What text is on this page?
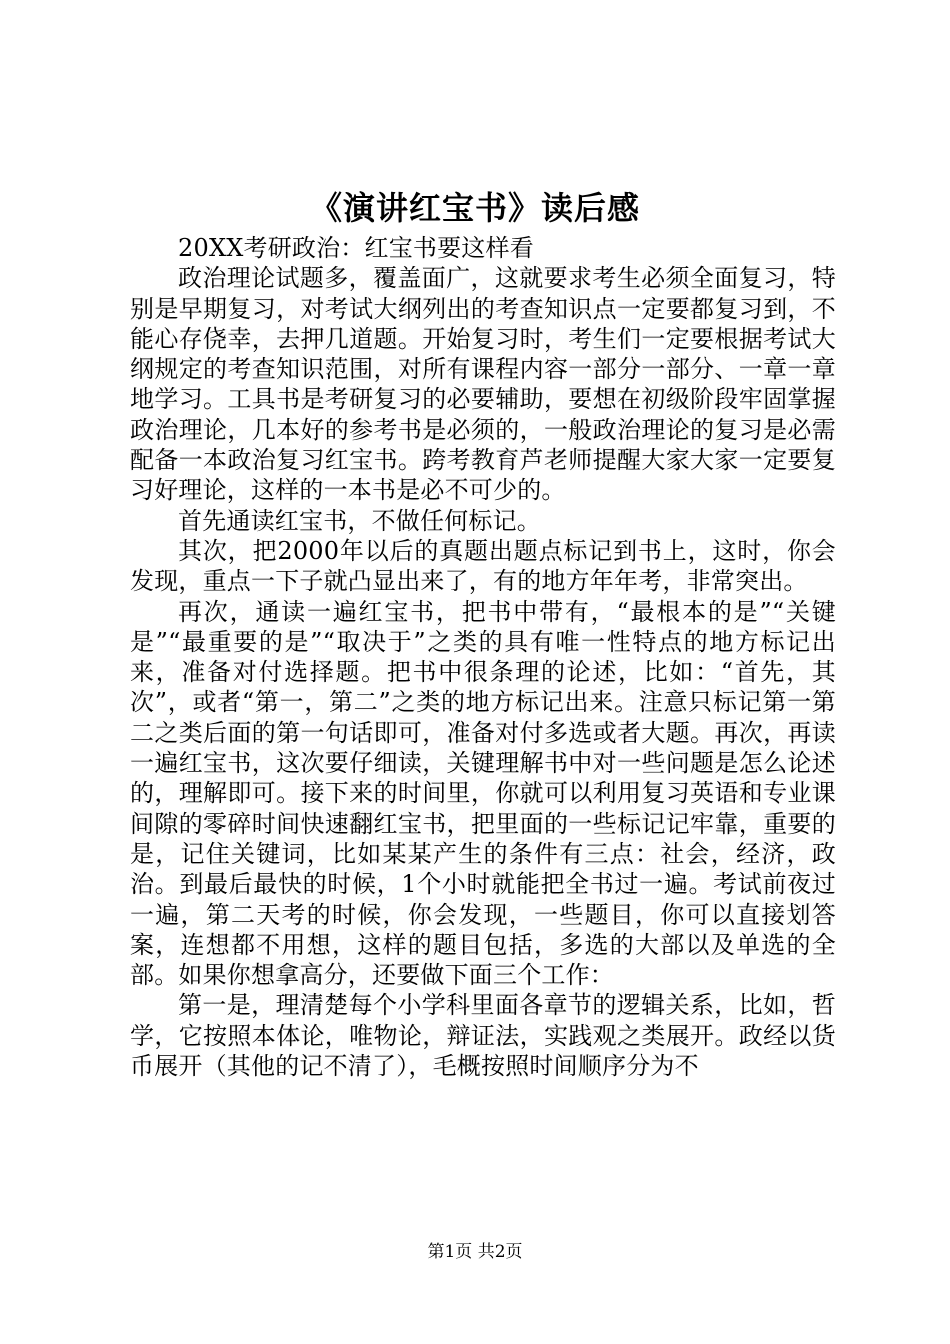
《演讲红宝书》读后感

20XX考研政治：红宝书要这样看

政治理论试题多，覆盖面广，这就要求考生必须全面复习，特别是早期复习，对考试大纲列出的考查知识点一定要都复习到，不能心存侥幸，去押几道题。开始复习时，考生们一定要根据考试大纲规定的考查知识范围，对所有课程内容一部分一部分、一章一章地学习。工具书是考研复习的必要辅助，要想在初级阶段牢固掌握政治理论，几本好的参考书是必须的，一般政治理论的复习是必需配备一本政治复习红宝书。跨考教育芦老师提醒大家大家一定要复习好理论，这样的一本书是必不可少的。

首先通读红宝书，不做任何标记。

其次，把2000年以后的真题出题点标记到书上，这时，你会发现，重点一下子就凸显出来了，有的地方年年考，非常突出。

再次，通读一遍红宝书，把书中带有，“最根本的是”“关键是”“最重要的是”“取决于”之类的具有唯一性特点的地方标记出来，准备对付选择题。把书中很条理的论述，比如：“首先，其次”，或者“第一，第二”之类的地方标记出来。注意只标记第一第二之类后面的第一句话即可，准备对付多选或者大题。再次，再读一遍红宝书，这次要仔细读，关键理解书中对一些问题是怎么论述的，理解即可。接下来的时间里，你就可以利用复习英语和专业课间隙的零碎时间快速翻红宝书，把里面的一些标记记牢靠，重要的是，记住关键词，比如某某产生的条件有三点：社会，经济，政治。到最后最快的时候，1个小时就能把全书过一遍。考试前夜过一遍，第二天考的时候，你会发现，一些题目，你可以直接划答案，连想都不用想，这样的题目包括，多选的大部以及单选的全部。如果你想拿高分，还要做下面三个工作：

第一是，理清楚每个小学科里面各章节的逻辑关系，比如，哲学，它按照本体论，唯物论，辩证法，实践观之类展开。政经以货币展开（其他的记不清了），毛概按照时间顺序分为不

第1页 共2页
